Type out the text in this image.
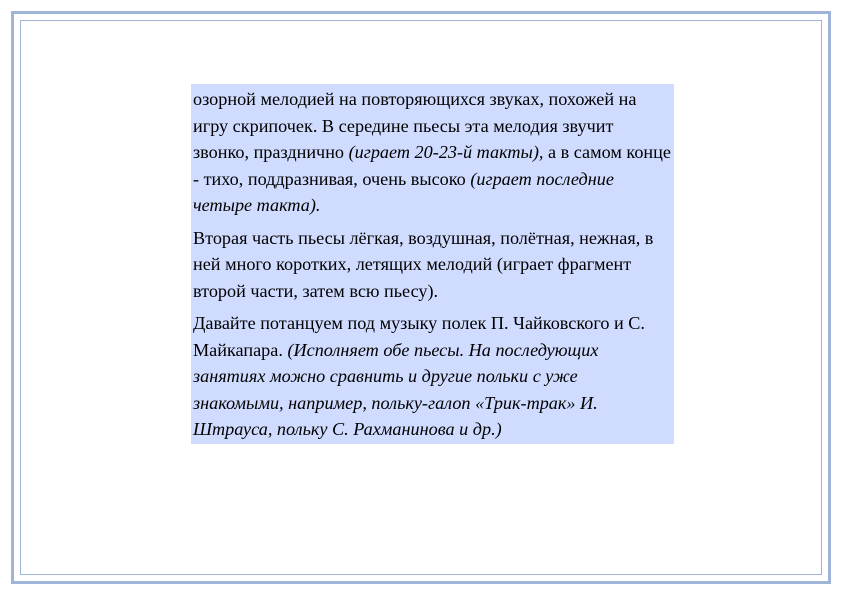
озорной мелодией на повторяющихся звуках, похожей на игру скрипочек. В середине пьесы эта мелодия звучит звонко, празднично (играет 20-23-й такты), а в самом конце - тихо, поддразнивая, очень высоко (играет последние четыре такта).

Вторая часть пьесы лёгкая, воздушная, полётная, нежная, в ней много коротких, летящих мелодий (играет фрагмент второй части, затем всю пьесу).

Давайте потанцуем под музыку полек П. Чайковского и С. Майкапара. (Исполняет обе пьесы. На последующих занятиях можно сравнить и другие польки с уже знакомыми, например, польку-галоп «Трик-трак» И. Штрауса, польку С. Рахманинова и др.)
